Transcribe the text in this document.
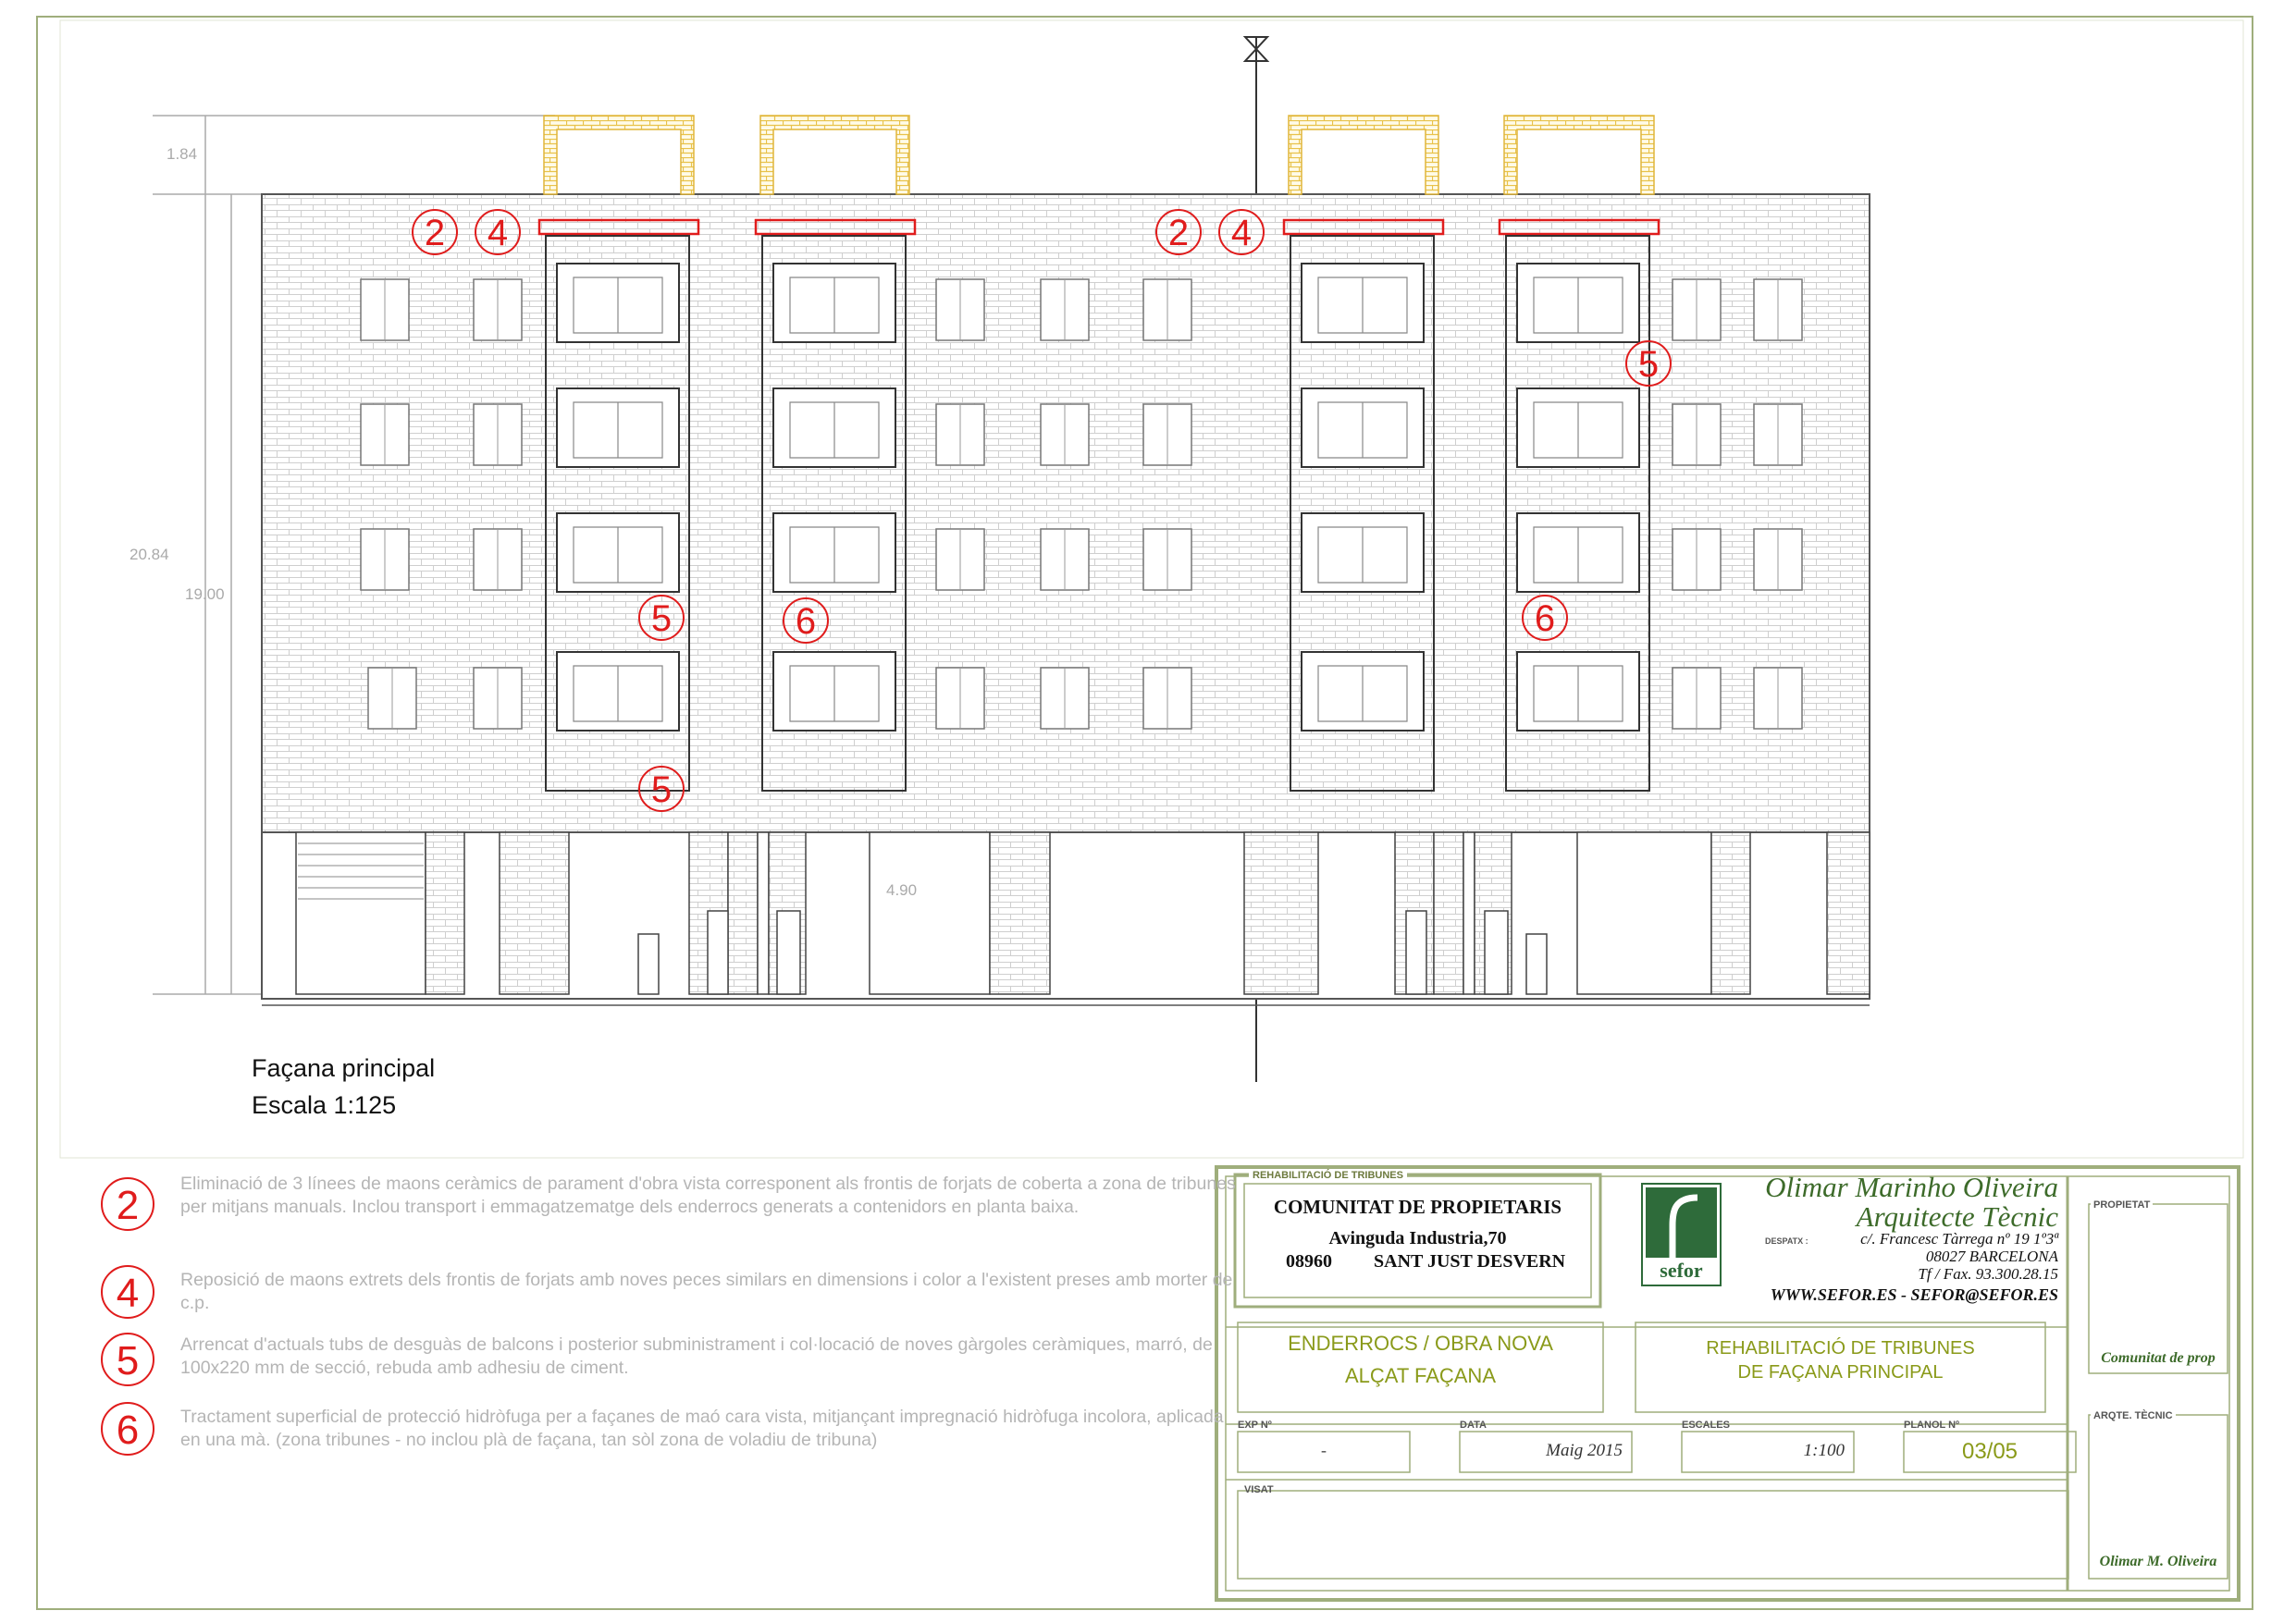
2 4	2 4
5
5	6	6
5
1.84
20.84
19.00
4.90
2
4
5
6
Façana principal
Escala 1:125
Eliminació de 3 línees de maons ceràmics de parament d'obra vista corresponent als frontis de forjats de coberta a zona de tribunes per mitjans manuals. Inclou transport i emmagatzematge dels enderrocs generats a contenidors en planta baixa.
Reposició de maons extrets dels frontis de forjats amb noves peces similars en dimensions i color a l'existent preses amb morter de c.p.
Arrencat d'actuals tubs de desguàs de balcons i posterior subministrament i col·locació de noves gàrgoles ceràmiques, marró, de 100x220 mm de secció, rebuda amb adhesiu de ciment.
Tractament superficial de protecció hidròfuga per a façanes de maó cara vista, mitjançant impregnació hidròfuga incolora, aplicada en una mà. (zona tribunes - no inclou plà de façana, tan sòl zona de voladiu de tribuna)
REHABILITACIÓ DE TRIBUNES
COMUNITAT DE PROPIETARIS
Avinguda Industria,70
08960 SANT JUST DESVERN	sefor
Olimar Marinho Oliveira
Arquitecte Tècnic
DESPATX :	c/. Francesc Tàrrega nº 19 1º3ª
08027 BARCELONA
Tf / Fax. 93.300.28.15
WWW.SEFOR.ES - SEFOR@SEFOR.ES
ENDERROCS / OBRA NOVA
ALÇAT FAÇANA
REHABILITACIÓ DE TRIBUNES
DE FAÇANA PRINCIPAL
EXP Nº
-
DATA
Maig 2015
ESCALES
1:100
PLANOL Nº
03/05
VISAT
PROPIETAT
Comunitat de prop
ARQTE. TÈCNIC
Olimar M. Oliveira
